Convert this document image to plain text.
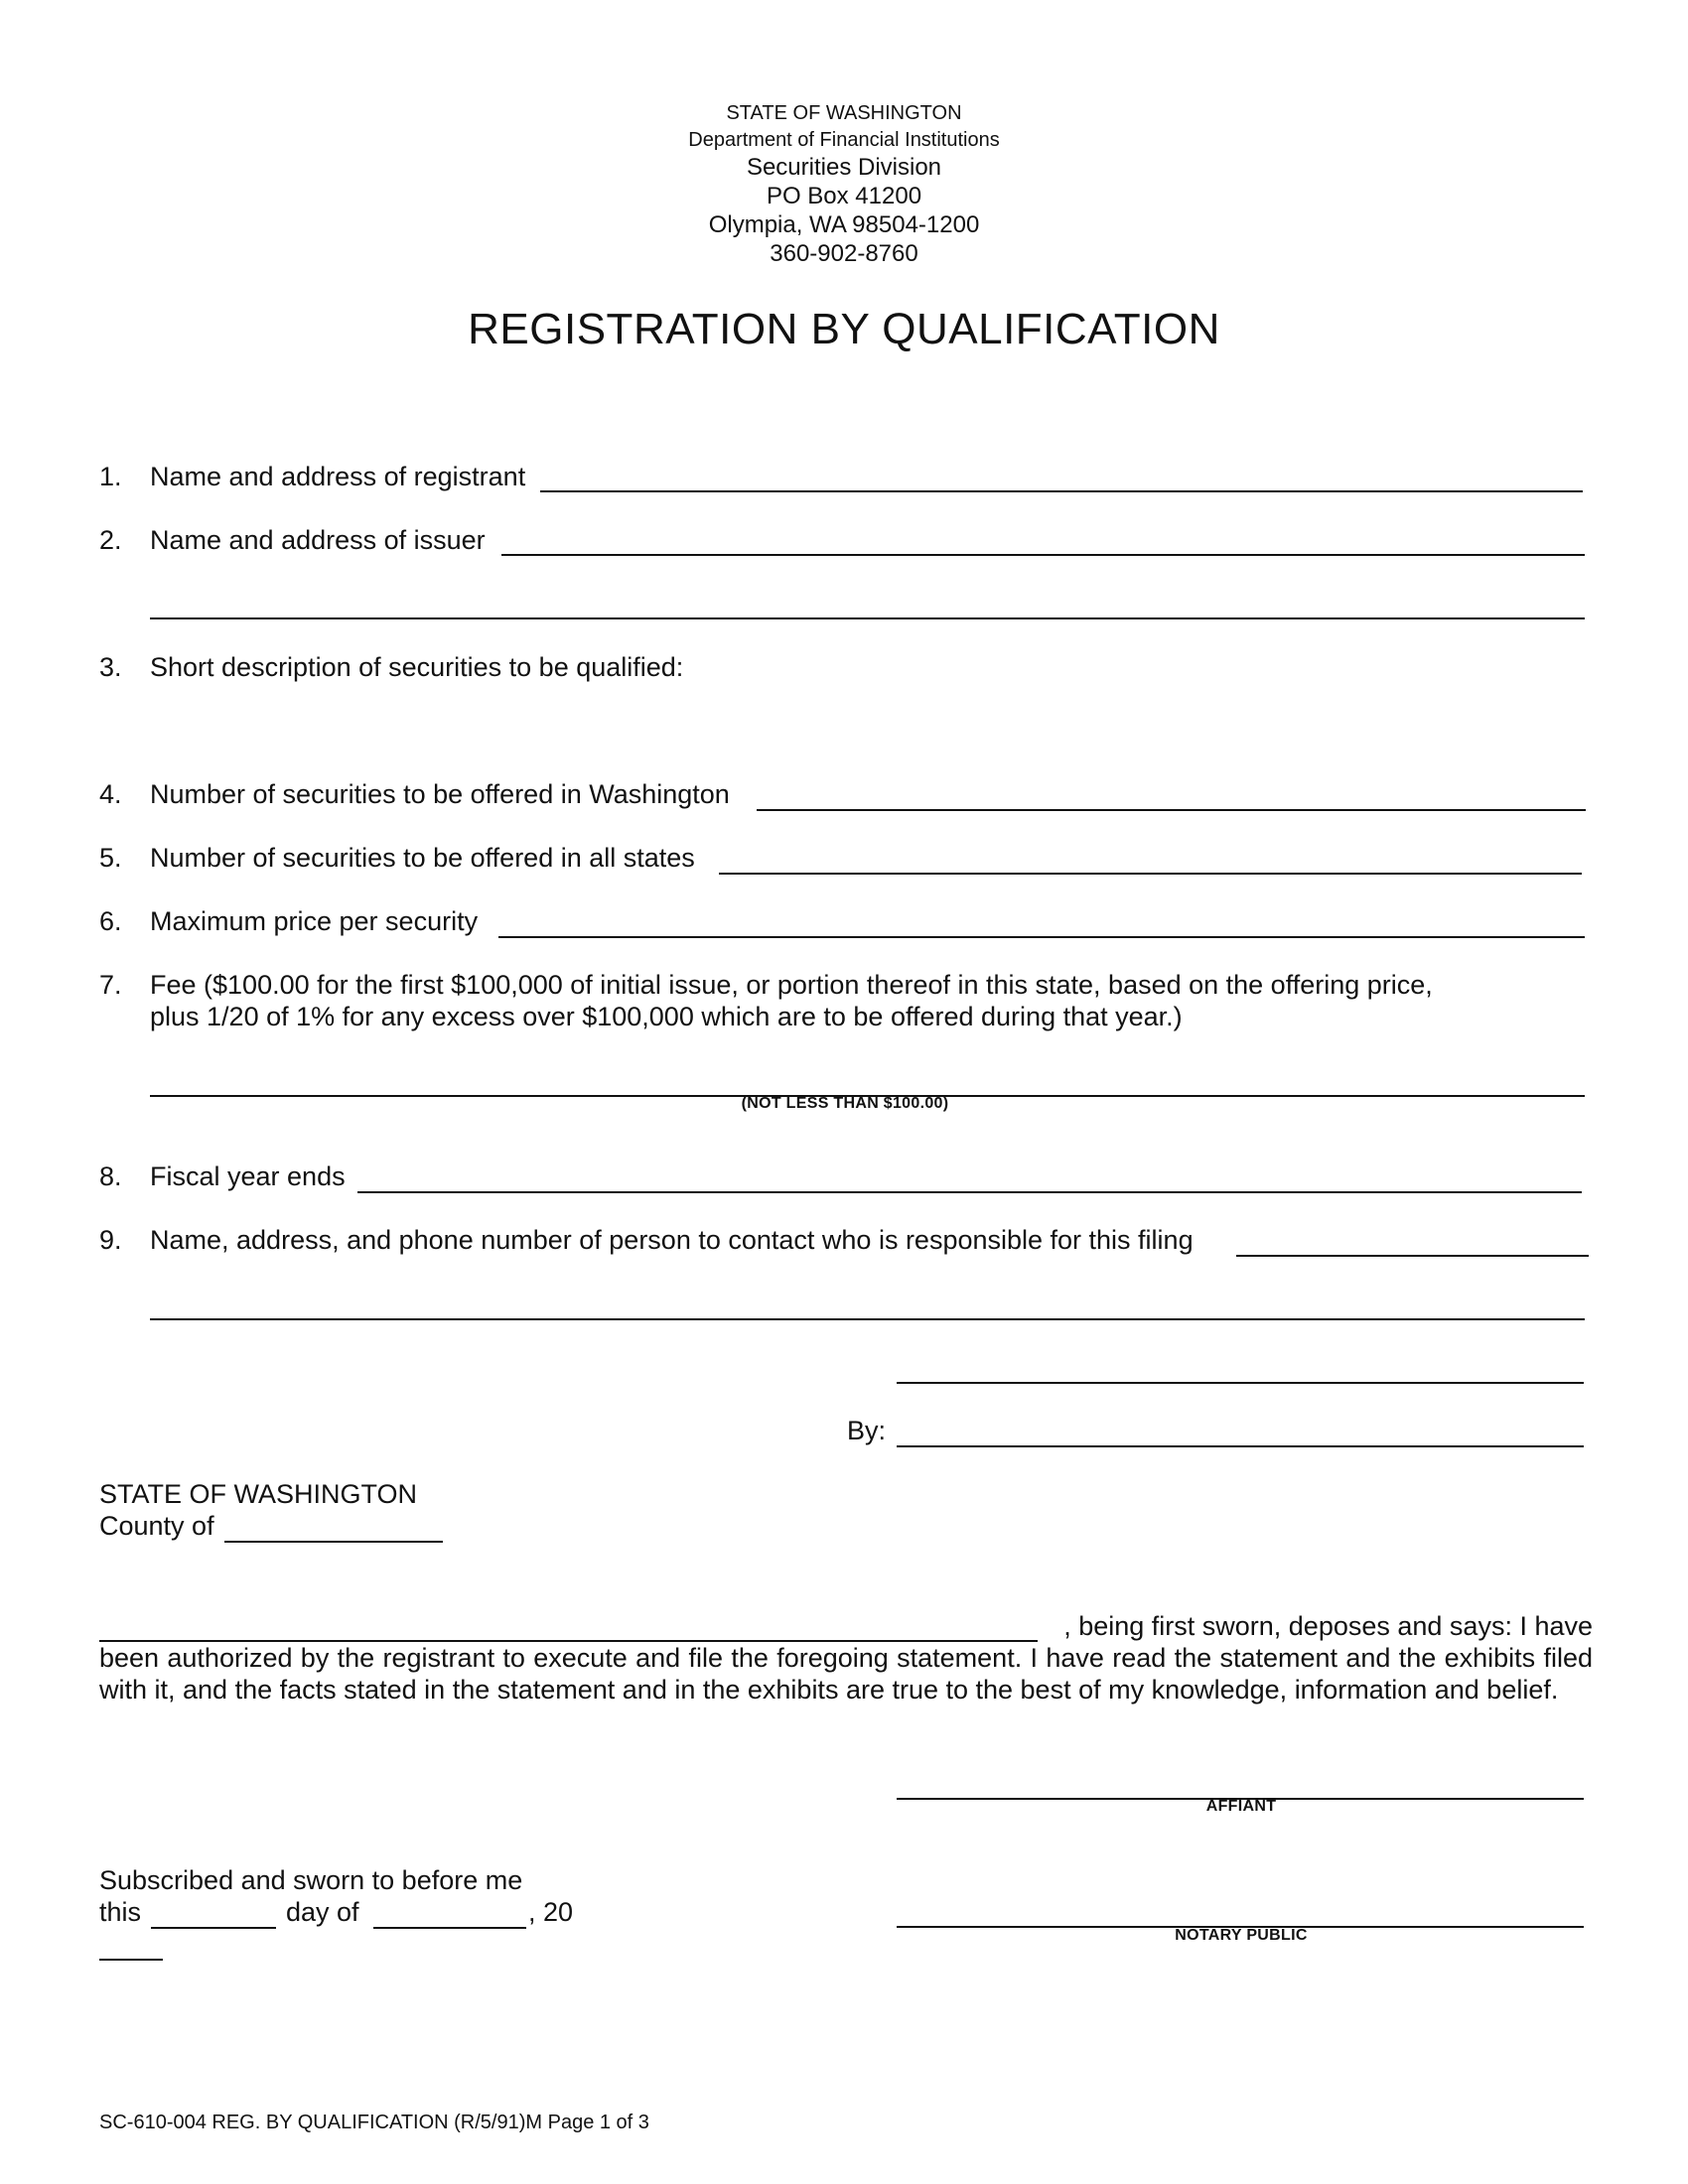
STATE OF WASHINGTON
Department of Financial Institutions
Securities Division
PO Box 41200
Olympia, WA 98504-1200
360-902-8760
REGISTRATION BY QUALIFICATION
1. Name and address of registrant
2. Name and address of issuer
3. Short description of securities to be qualified:
4. Number of securities to be offered in Washington
5. Number of securities to be offered in all states
6. Maximum price per security
7. Fee ($100.00 for the first $100,000 of initial issue, or portion thereof in this state, based on the offering price,
plus 1/20 of 1% for any excess over $100,000 which are to be offered during that year.)
(NOT LESS THAN $100.00)
8. Fiscal year ends
9. Name, address, and phone number of person to contact who is responsible for this filing
By:
STATE OF WASHINGTON
County of
, being first sworn, deposes and says: I have
been authorized by the registrant to execute and file the foregoing statement. I have read the statement and the exhibits filed with it, and the facts stated in the statement and in the exhibits are true to the best of my knowledge, information and belief.
AFFIANT
Subscribed and sworn to before me
this	day of	, 20
NOTARY PUBLIC
SC-610-004 REG. BY QUALIFICATION (R/5/91)M Page 1 of 3
